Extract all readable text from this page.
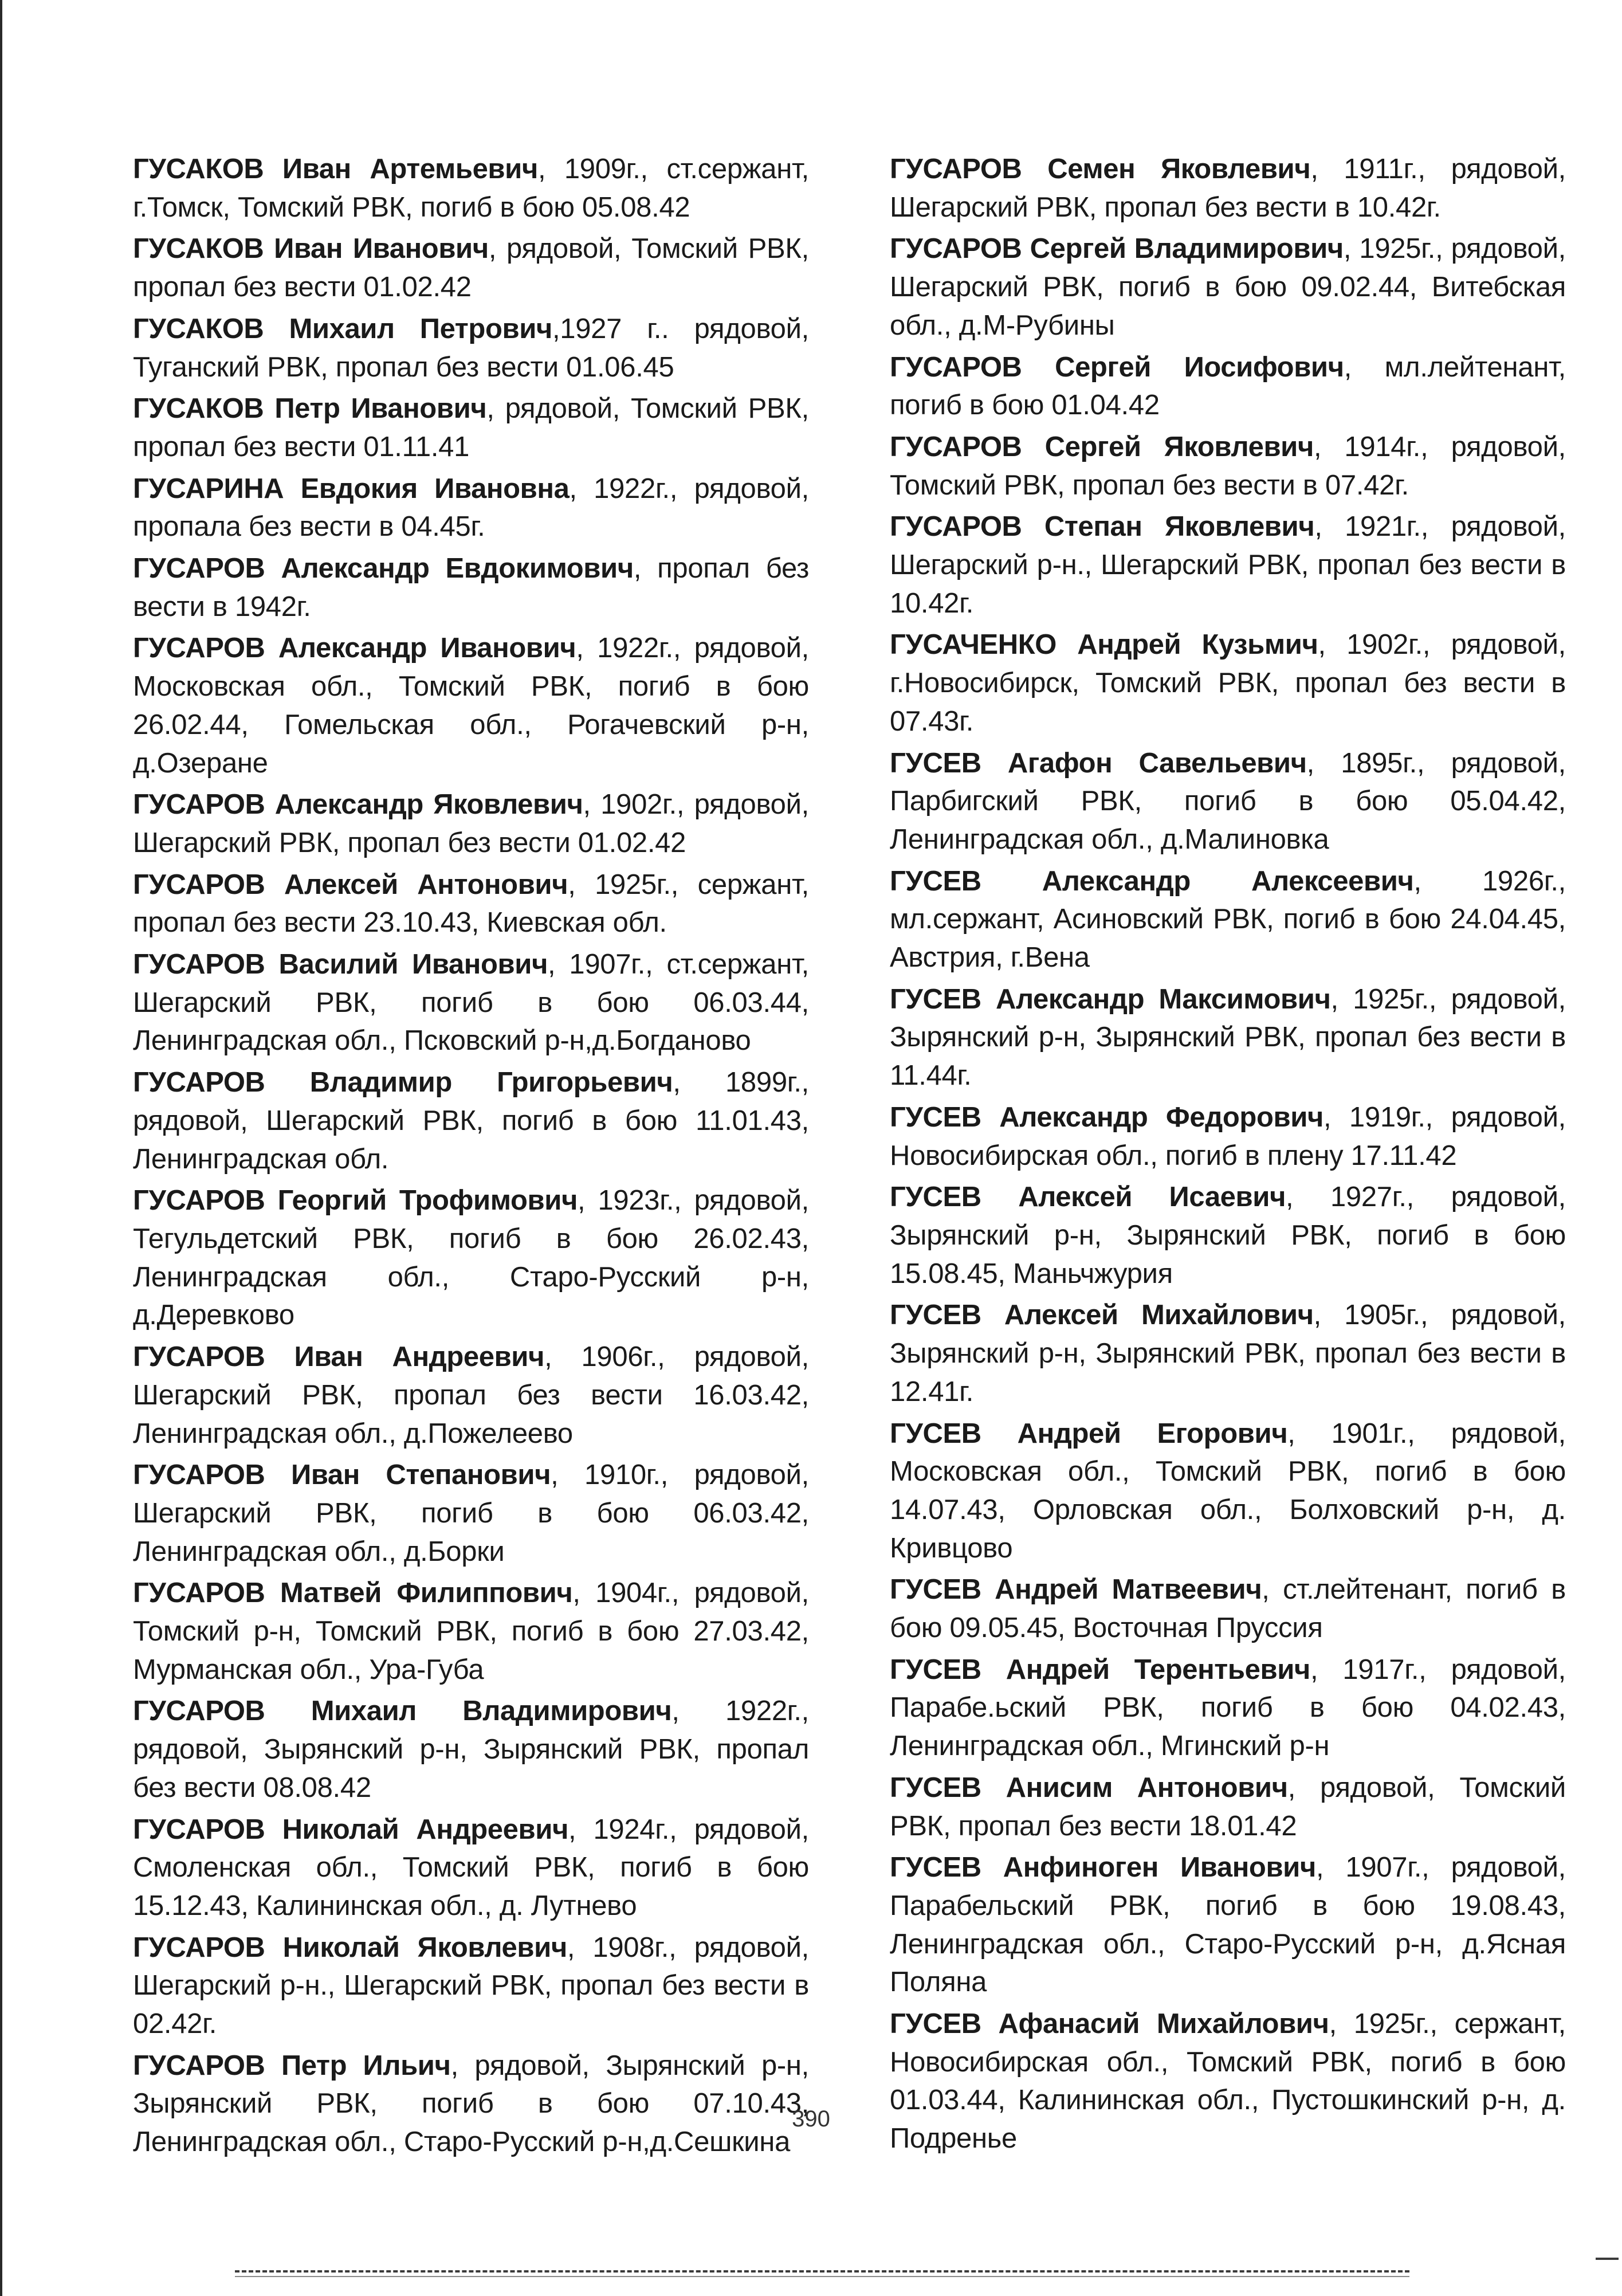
ГУСАКОВ Иван Артемьевич, 1909г., ст.сержант, г.Томск, Томский РВК, погиб в бою 05.08.42

ГУСАКОВ Иван Иванович, рядовой, Томский РВК, пропал без вести 01.02.42

ГУСАКОВ Михаил Петрович,1927 г.. рядовой, Туганский РВК, пропал без вести 01.06.45

ГУСАКОВ Петр Иванович, рядовой, Томский РВК, пропал без вести 01.11.41

ГУСАРИНА Евдокия Ивановна, 1922г., рядовой, пропала без вести в 04.45г.

ГУСАРОВ Александр Евдокимович, пропал без вести в 1942г.

ГУСАРОВ Александр Иванович, 1922г., рядовой, Московская обл., Томский РВК, погиб в бою 26.02.44, Гомельская обл., Рогачевский р-н, д.Озеране

ГУСАРОВ Александр Яковлевич, 1902г., рядовой, Шегарский РВК, пропал без вести 01.02.42

ГУСАРОВ Алексей Антонович, 1925г., сержант, пропал без вести 23.10.43, Киевская обл.

ГУСАРОВ Василий Иванович, 1907г., ст.сержант, Шегарский РВК, погиб в бою 06.03.44, Ленинградская обл., Псковский р-н,д.Богданово

ГУСАРОВ Владимир Григорьевич, 1899г., рядовой, Шегарский РВК, погиб в бою 11.01.43, Ленинградская обл.

ГУСАРОВ Георгий Трофимович, 1923г., рядовой, Тегульдетский РВК, погиб в бою 26.02.43, Ленинградская обл., Старо-Русский р-н, д.Деревково

ГУСАРОВ Иван Андреевич, 1906г., рядовой, Шегарский РВК, пропал без вести 16.03.42, Ленинградская обл., д.Пожелеево

ГУСАРОВ Иван Степанович, 1910г., рядовой, Шегарский РВК, погиб в бою 06.03.42, Ленинградская обл., д.Борки

ГУСАРОВ Матвей Филиппович, 1904г., рядовой, Томский р-н, Томский РВК, погиб в бою 27.03.42, Мурманская обл., Ура-Губа

ГУСАРОВ Михаил Владимирович, 1922г., рядовой, Зырянский р-н, Зырянский РВК, пропал без вести 08.08.42

ГУСАРОВ Николай Андреевич, 1924г., рядовой, Смоленская обл., Томский РВК, погиб в бою 15.12.43, Калининская обл., д. Лутнево

ГУСАРОВ Николай Яковлевич, 1908г., рядовой, Шегарский р-н., Шегарский РВК, пропал без вести в 02.42г.

ГУСАРОВ Петр Ильич, рядовой, Зырянский р-н, Зырянский РВК, погиб в бою 07.10.43, Ленинградская обл., Старо-Русский р-н,д.Сешкина

ГУСАРОВ Семен Яковлевич, 1911г., рядовой, Шегарский РВК, пропал без вести в 10.42г.

ГУСАРОВ Сергей Владимирович, 1925г., рядовой, Шегарский РВК, погиб в бою 09.02.44, Витебская обл., д.М-Рубины

ГУСАРОВ Сергей Иосифович, мл.лейтенант, погиб в бою 01.04.42

ГУСАРОВ Сергей Яковлевич, 1914г., рядовой, Томский РВК, пропал без вести в 07.42г.

ГУСАРОВ Степан Яковлевич, 1921г., рядовой, Шегарский р-н., Шегарский РВК, пропал без вести в 10.42г.

ГУСАЧЕНКО Андрей Кузьмич, 1902г., рядовой, г.Новосибирск, Томский РВК, пропал без вести в 07.43г.

ГУСЕВ Агафон Савельевич, 1895г., рядовой, Парбигский РВК, погиб в бою 05.04.42, Ленинградская обл., д.Малиновка

ГУСЕВ Александр Алексеевич, 1926г., мл.сержант, Асиновский РВК, погиб в бою 24.04.45, Австрия, г.Вена

ГУСЕВ Александр Максимович, 1925г., рядовой, Зырянский р-н, Зырянский РВК, пропал без вести в 11.44г.

ГУСЕВ Александр Федорович, 1919г., рядовой, Новосибирская обл., погиб в плену 17.11.42

ГУСЕВ Алексей Исаевич, 1927г., рядовой, Зырянский р-н, Зырянский РВК, погиб в бою 15.08.45, Маньчжурия

ГУСЕВ Алексей Михайлович, 1905г., рядовой, Зырянский р-н, Зырянский РВК, пропал без вести в 12.41г.

ГУСЕВ Андрей Егорович, 1901г., рядовой, Московская обл., Томский РВК, погиб в бою 14.07.43, Орловская обл., Болховский р-н, д. Кривцово

ГУСЕВ Андрей Матвеевич, ст.лейтенант, погиб в бою 09.05.45, Восточная Пруссия

ГУСЕВ Андрей Терентьевич, 1917г., рядовой, Парабе.ьский РВК, погиб в бою 04.02.43, Ленинградская обл., Мгинский р-н

ГУСЕВ Анисим Антонович, рядовой, Томский РВК, пропал без вести 18.01.42

ГУСЕВ Анфиноген Иванович, 1907г., рядовой, Парабельский РВК, погиб в бою 19.08.43, Ленинградская обл., Старо-Русский р-н, д.Ясная Поляна

ГУСЕВ Афанасий Михайлович, 1925г., сержант, Новосибирская обл., Томский РВК, погиб в бою 01.03.44, Калининская обл., Пустошкинский р-н, д. Подренье

390
